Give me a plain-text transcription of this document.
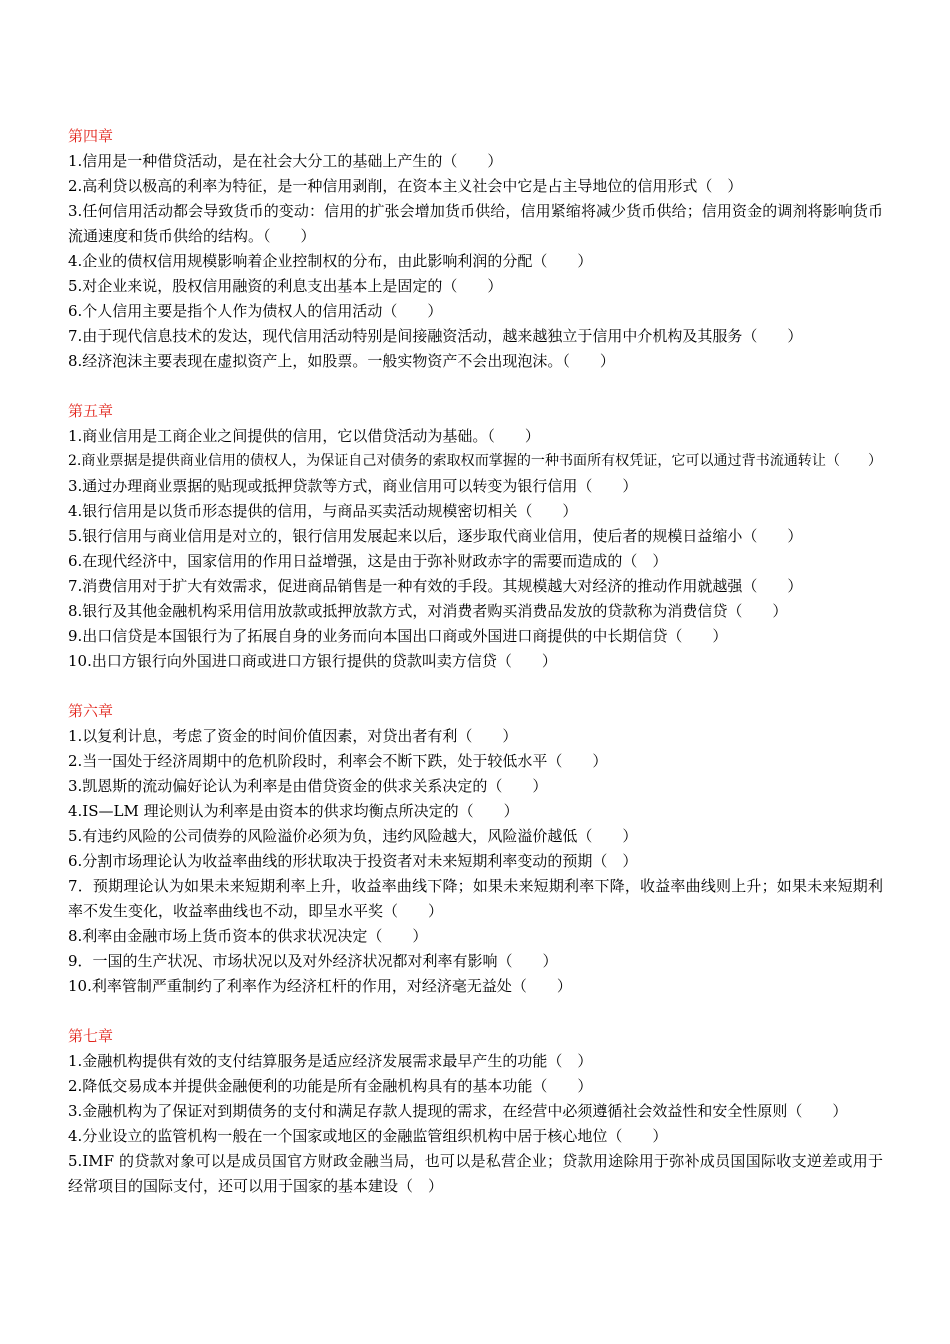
第四章
1.信用是一种借贷活动，是在社会大分工的基础上产生的（　　）
2.高利贷以极高的利率为特征，是一种信用剥削，在资本主义社会中它是占主导地位的信用形式（　）
3.任何信用活动都会导致货币的变动：信用的扩张会增加货币供给，信用紧缩将减少货币供给；信用资金的调剂将影响货币流通速度和货币供给的结构。（　　）
4.企业的债权信用规模影响着企业控制权的分布，由此影响利润的分配（　　）
5.对企业来说，股权信用融资的利息支出基本上是固定的（　　）
6.个人信用主要是指个人作为债权人的信用活动（　　）
7.由于现代信息技术的发达，现代信用活动特别是间接融资活动，越来越独立于信用中介机构及其服务（　　）
8.经济泡沫主要表现在虚拟资产上，如股票。一般实物资产不会出现泡沫。（　　）
第五章
1.商业信用是工商企业之间提供的信用，它以借贷活动为基础。（　　）
2.商业票据是提供商业信用的债权人，为保证自己对债务的索取权而掌握的一种书面所有权凭证，它可以通过背书流通转让（　　）
3.通过办理商业票据的贴现或抵押贷款等方式，商业信用可以转变为银行信用（　　）
4.银行信用是以货币形态提供的信用，与商品买卖活动规模密切相关（　　）
5.银行信用与商业信用是对立的，银行信用发展起来以后，逐步取代商业信用，使后者的规模日益缩小（　　）
6.在现代经济中，国家信用的作用日益增强，这是由于弥补财政赤字的需要而造成的（　）
7.消费信用对于扩大有效需求，促进商品销售是一种有效的手段。其规模越大对经济的推动作用就越强（　　）
8.银行及其他金融机构采用信用放款或抵押放款方式，对消费者购买消费品发放的贷款称为消费信贷（　　）
9.出口信贷是本国银行为了拓展自身的业务而向本国出口商或外国进口商提供的中长期信贷（　　）
10.出口方银行向外国进口商或进口方银行提供的贷款叫卖方信贷（　　）
第六章
1.以复利计息，考虑了资金的时间价值因素，对贷出者有利（　　）
2.当一国处于经济周期中的危机阶段时，利率会不断下跌，处于较低水平（　　）
3.凯恩斯的流动偏好论认为利率是由借贷资金的供求关系决定的（　　）
4.IS—LM 理论则认为利率是由资本的供求均衡点所决定的（　　）
5.有违约风险的公司债券的风险溢价必须为负，违约风险越大，风险溢价越低（　　）
6.分割市场理论认为收益率曲线的形状取决于投资者对未来短期利率变动的预期（　）
7．预期理论认为如果未来短期利率上升，收益率曲线下降；如果未来短期利率下降，收益率曲线则上升；如果未来短期利率不发生变化，收益率曲线也不动，即呈水平奖（　　）
8.利率由金融市场上货币资本的供求状况决定（　　）
9．一国的生产状况、市场状况以及对外经济状况都对利率有影响（　　）
10.利率管制严重制约了利率作为经济杠杆的作用，对经济毫无益处（　　）
第七章
1.金融机构提供有效的支付结算服务是适应经济发展需求最早产生的功能（　）
2.降低交易成本并提供金融便利的功能是所有金融机构具有的基本功能（　　）
3.金融机构为了保证对到期债务的支付和满足存款人提现的需求，在经营中必须遵循社会效益性和安全性原则（　　）
4.分业设立的监管机构一般在一个国家或地区的金融监管组织机构中居于核心地位（　　）
5.IMF 的贷款对象可以是成员国官方财政金融当局，也可以是私营企业；贷款用途除用于弥补成员国国际收支逆差或用于经常项目的国际支付，还可以用于国家的基本建设（　）
